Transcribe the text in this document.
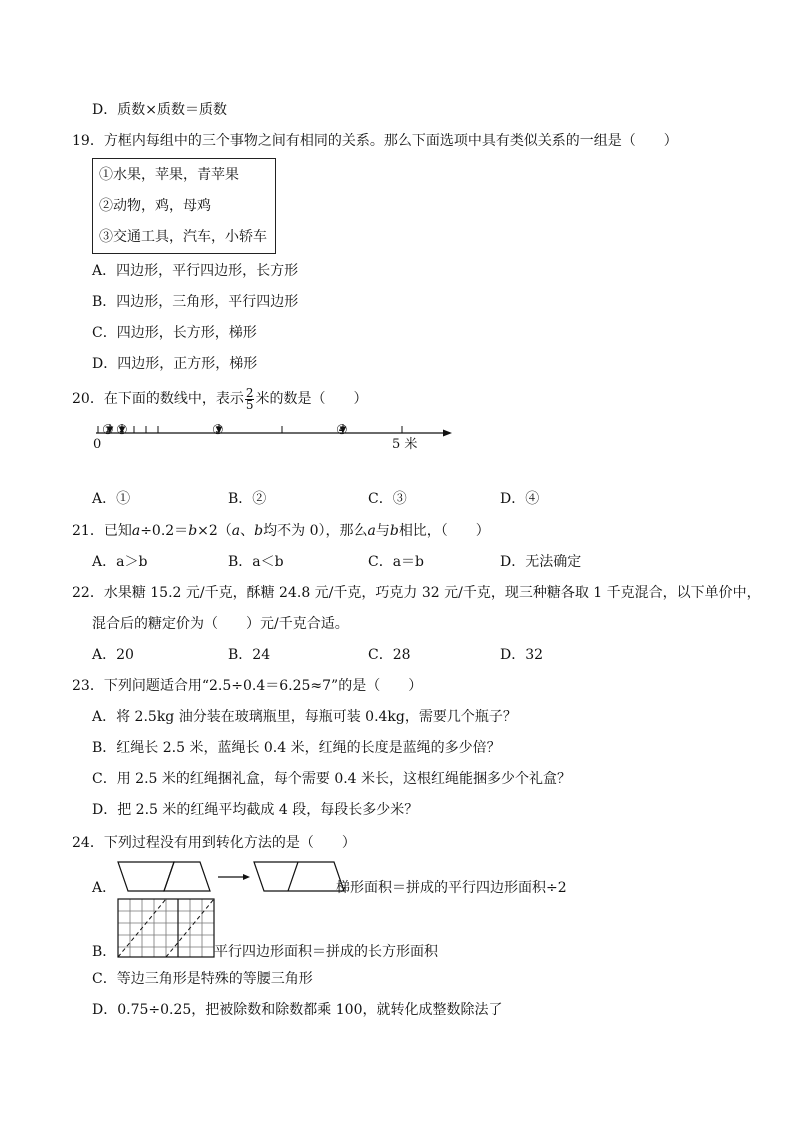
D．质数×质数＝质数
19．方框内每组中的三个事物之间有相同的关系。那么下面选项中具有类似关系的一组是（　　）
①水果，苹果，青苹果
②动物，鸡，母鸡
③交通工具，汽车，小轿车
A．四边形，平行四边形，长方形
B．四边形，三角形，平行四边形
C．四边形，长方形，梯形
D．四边形，正方形，梯形
20．在下面的数线中，表示 $\frac{2}{5}$ 米的数是（　　）
① ②	③	④
0	5 米
A．①	B．②	C．③	D．④
21．已知a÷0.2＝b×2（a、b均不为 0），那么a与b相比，（　　）
A．a＞b	B．a＜b	C．a＝b	D．无法确定
22．水果糖 15.2 元/千克，酥糖 24.8 元/千克，巧克力 32 元/千克，现三种糖各取 1 千克混合，以下单价中，
混合后的糖定价为（　　）元/千克合适。
A．20	B．24	C．28	D．32
23．下列问题适合用“2.5÷0.4＝6.25≈7”的是（　　）
A．将 2.5kg 油分装在玻璃瓶里，每瓶可装 0.4kg，需要几个瓶子？
B．红绳长 2.5 米，蓝绳长 0.4 米，红绳的长度是蓝绳的多少倍？
C．用 2.5 米的红绳捆礼盒，每个需要 0.4 米长，这根红绳能捆多少个礼盒？
D．把 2.5 米的红绳平均截成 4 段，每段长多少米？
24．下列过程没有用到转化方法的是（　　）
A．	梯形面积＝拼成的平行四边形面积÷2
B．	平行四边形面积＝拼成的长方形面积
C．等边三角形是特殊的等腰三角形
D．0.75÷0.25，把被除数和除数都乘 100，就转化成整数除法了
